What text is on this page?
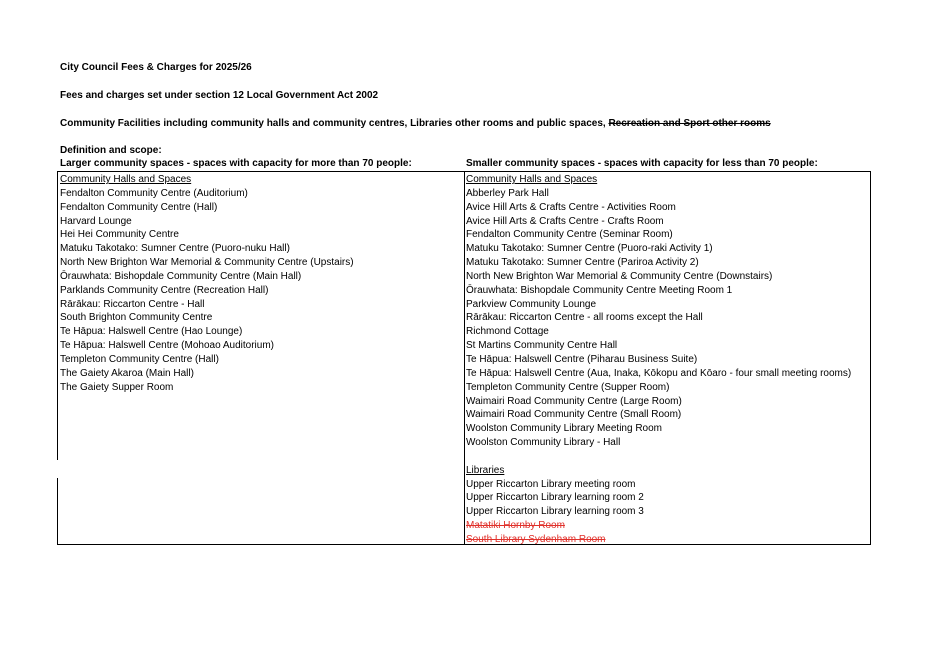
City Council Fees & Charges for 2025/26
Fees and charges set under section 12 Local Government Act 2002
Community Facilities including community halls and community centres, Libraries other rooms and public spaces, Recreation and Sport other rooms
Definition and scope:
Larger community spaces - spaces with capacity for more than 70 people:	Smaller community spaces - spaces with capacity for less than 70 people:
Community Halls and Spaces
Fendalton Community Centre (Auditorium)
Fendalton Community Centre (Hall)
Harvard Lounge
Hei Hei Community Centre
Matuku Takotako: Sumner Centre (Puoro-nuku Hall)
North New Brighton War Memorial & Community Centre (Upstairs)
Ōrauwhata: Bishopdale Community Centre (Main Hall)
Parklands Community Centre (Recreation Hall)
Rārākau: Riccarton Centre - Hall
South Brighton Community Centre
Te Hāpua: Halswell Centre (Hao Lounge)
Te Hāpua: Halswell Centre (Mohoao Auditorium)
Templeton Community Centre (Hall)
The Gaiety Akaroa (Main Hall)
The Gaiety Supper Room
Community Halls and Spaces
Abberley Park Hall
Avice Hill Arts & Crafts Centre - Activities Room
Avice Hill Arts & Crafts Centre - Crafts Room
Fendalton Community Centre (Seminar Room)
Matuku Takotako: Sumner Centre (Puoro-raki Activity 1)
Matuku Takotako: Sumner Centre (Pariroa Activity 2)
North New Brighton War Memorial & Community Centre (Downstairs)
Ōrauwhata: Bishopdale Community Centre Meeting Room 1
Parkview Community Lounge
Rārākau: Riccarton Centre - all rooms except the Hall
Richmond Cottage
St Martins Community Centre Hall
Te Hāpua: Halswell Centre (Piharau Business Suite)
Te Hāpua: Halswell Centre (Aua, Inaka, Kōkopu and Kōaro - four small meeting rooms)
Templeton Community Centre (Supper Room)
Waimairi Road Community Centre (Large Room)
Waimairi Road Community Centre (Small Room)
Woolston Community Library Meeting Room
Woolston Community Library - Hall
Libraries
Upper Riccarton Library meeting room
Upper Riccarton Library learning room 2
Upper Riccarton Library learning room 3
Matatiki Hornby Room
South Library Sydenham Room
